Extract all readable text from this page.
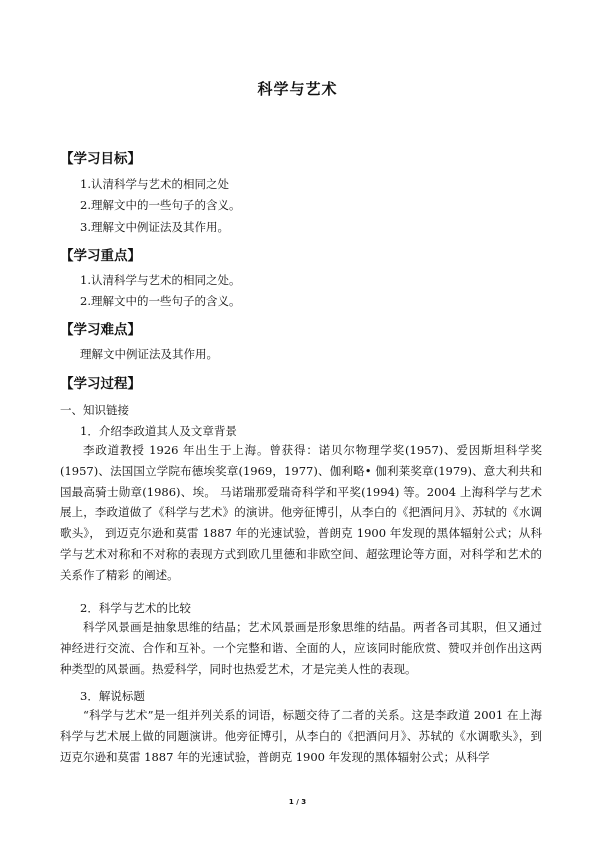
科学与艺术
【学习目标】
1.认清科学与艺术的相同之处
2.理解文中的一些句子的含义。
3.理解文中例证法及其作用。
【学习重点】
1.认清科学与艺术的相同之处。
2.理解文中的一些句子的含义。
【学习难点】
理解文中例证法及其作用。
【学习过程】
一、知识链接
1．介绍李政道其人及文章背景
李政道教授 1926 年出生于上海。曾获得：诺贝尔物理学奖(1957)、爱因斯坦科学奖(1957)、法国国立学院布德埃奖章(1969，1977)、伽利略• 伽利莱奖章(1979)、意大利共和国最高骑士勋章(1986)、埃。 马诺瑞那爱瑞奇科学和平奖(1994) 等。2004 上海科学与艺术展上，李政道做了《科学与艺术》的演讲。他旁征博引，从李白的《把酒问月》、苏轼的《水调歌头》， 到迈克尔逊和莫雷 1887 年的光速试验，普朗克 1900 年发现的黑体辐射公式；从科学与艺术对称和不对称的表现方式到欧几里德和非欧空间、超弦理论等方面，对科学和艺术的关系作了精彩 的阐述。
2．科学与艺术的比较
科学风景画是抽象思维的结晶；艺术风景画是形象思维的结晶。两者各司其职，但又通过神经进行交流、合作和互补。一个完整和谐、全面的人，应该同时能欣赏、赞叹并创作出这两种类型的风景画。热爱科学，同时也热爱艺术，才是完美人性的表现。
3．解说标题
“科学与艺术”是一组并列关系的词语，标题交待了二者的关系。这是李政道 2001 在上海科学与艺术展上做的同题演讲。他旁征博引，从李白的《把酒问月》、苏轼的《水调歌头》，到迈克尔逊和莫雷 1887 年的光速试验，普朗克 1900 年发现的黑体辐射公式；从科学
1 / 3
